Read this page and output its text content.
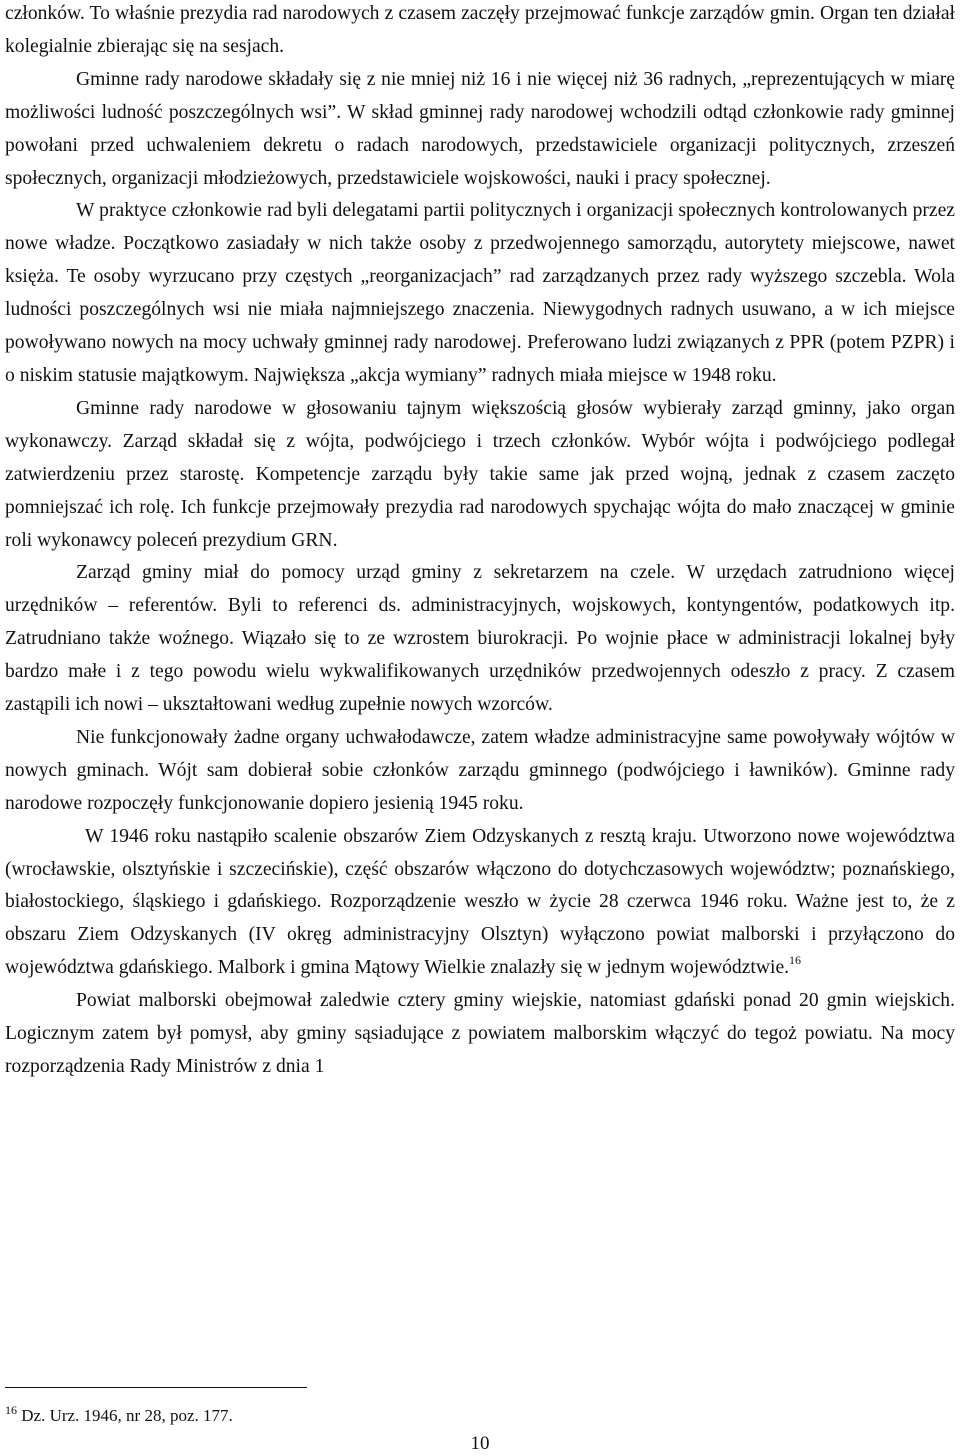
członków. To właśnie prezydia rad narodowych z czasem zaczęły przejmować funkcje zarządów gmin. Organ ten działał kolegialnie zbierając się na sesjach.

Gminne rady narodowe składały się z nie mniej niż 16 i nie więcej niż 36 radnych, „reprezentujących w miarę możliwości ludność poszczególnych wsi”. W skład gminnej rady narodowej wchodzili odtąd członkowie rady gminnej powołani przed uchwaleniem dekretu o radach narodowych, przedstawiciele organizacji politycznych, zrzeszeń społecznych, organizacji młodzieżowych, przedstawiciele wojskowości, nauki i pracy społecznej.

W praktyce członkowie rad byli delegatami partii politycznych i organizacji społecznych kontrolowanych przez nowe władze. Początkowo zasiadały w nich także osoby z przedwojennego samorządu, autorytety miejscowe, nawet księża. Te osoby wyrzucano przy częstych „reorganizacjach” rad zarządzanych przez rady wyższego szczebla. Wola ludności poszczególnych wsi nie miała najmniejszego znaczenia. Niewygodnych radnych usuwano, a w ich miejsce powoływano nowych na mocy uchwały gminnej rady narodowej. Preferowano ludzi związanych z PPR (potem PZPR) i o niskim statusie majątkowym. Największa „akcja wymiany” radnych miała miejsce w 1948 roku.

Gminne rady narodowe w głosowaniu tajnym większością głosów wybierały zarząd gminny, jako organ wykonawczy. Zarząd składał się z wójta, podwójciego i trzech członków. Wybór wójta i podwójciego podlegał zatwierdzeniu przez starostę. Kompetencje zarządu były takie same jak przed wojną, jednak z czasem zaczęto pomniejszać ich rolę. Ich funkcje przejmowały prezydia rad narodowych spychając wójta do mało znaczącej w gminie roli wykonawcy poleceń prezydium GRN.

Zarząd gminy miał do pomocy urząd gminy z sekretarzem na czele. W urzędach zatrudniono więcej urzędników – referentów. Byli to referenci ds. administracyjnych, wojskowych, kontyngentów, podatkowych itp. Zatrudniano także woźnego. Wiązało się to ze wzrostem biurokracji. Po wojnie płace w administracji lokalnej były bardzo małe i z tego powodu wielu wykwalifikowanych urzędników przedwojennych odeszło z pracy. Z czasem zastąpili ich nowi – ukształtowani według zupełnie nowych wzorców.

Nie funkcjonowały żadne organy uchwałodawcze, zatem władze administracyjne same powoływały wójtów w nowych gminach. Wójt sam dobierał sobie członków zarządu gminnego (podwójciego i ławników). Gminne rady narodowe rozpoczęły funkcjonowanie dopiero jesienią 1945 roku.

W 1946 roku nastąpiło scalenie obszarów Ziem Odzyskanych z resztą kraju. Utworzono nowe województwa (wrocławskie, olsztyńskie i szczecińskie), część obszarów włączono do dotychczasowych województw; poznańskiego, białostockiego, śląskiego i gdańskiego. Rozporządzenie weszło w życie 28 czerwca 1946 roku. Ważne jest to, że z obszaru Ziem Odzyskanych (IV okręg administracyjny Olsztyn) wyłączono powiat malborski i przyłączono do województwa gdańskiego. Malbork i gmina Mątowy Wielkie znalazły się w jednym województwie.$^{16}$

Powiat malborski obejmował zaledwie cztery gminy wiejskie, natomiast gdański ponad 20 gmin wiejskich. Logicznym zatem był pomysł, aby gminy sąsiadujące z powiatem malborskim włączyć do tegoż powiatu. Na mocy rozporządzenia Rady Ministrów z dnia 1

$^{16}$ Dz. Urz. 1946, nr 28, poz. 177.
10
